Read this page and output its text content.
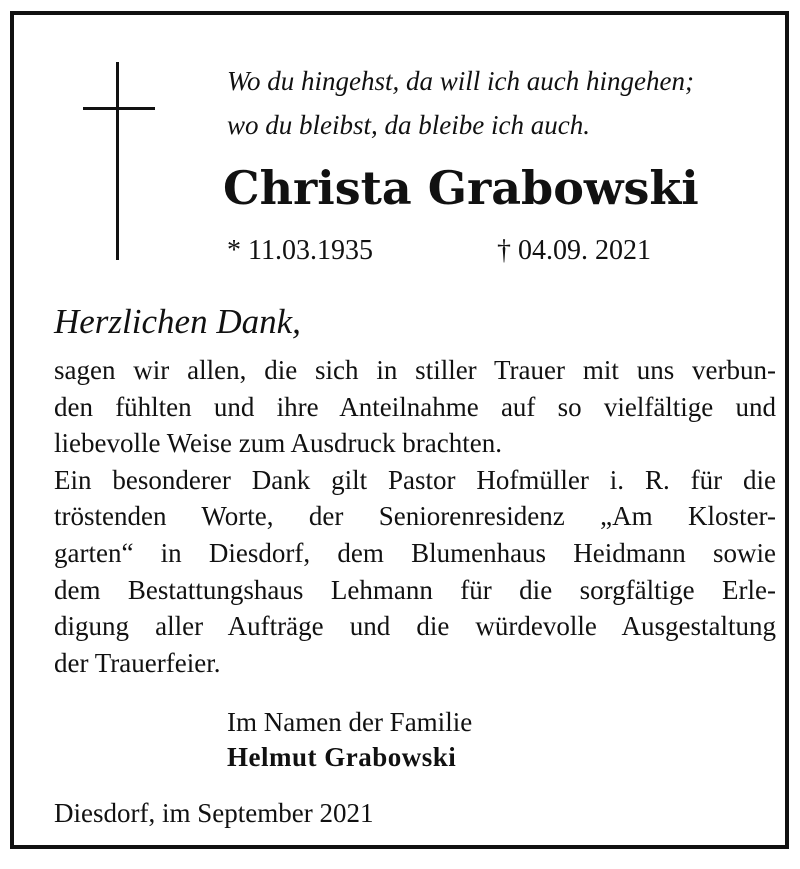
Wo du hingehst, da will ich auch hingehen;
wo du bleibst, da bleibe ich auch.
Christa Grabowski
* 11.03.1935	† 04.09. 2021
Herzlichen Dank,
sagen wir allen, die sich in stiller Trauer mit uns verbun-
den fühlten und ihre Anteilnahme auf so vielfältige und
liebevolle Weise zum Ausdruck brachten.
Ein besonderer Dank gilt Pastor Hofmüller i. R. für die
tröstenden Worte, der Seniorenresidenz „Am Kloster-
garten“ in Diesdorf, dem Blumenhaus Heidmann sowie
dem Bestattungshaus Lehmann für die sorgfältige Erle-
digung aller Aufträge und die würdevolle Ausgestaltung
der Trauerfeier.
Im Namen der Familie
Helmut Grabowski
Diesdorf, im September 2021
